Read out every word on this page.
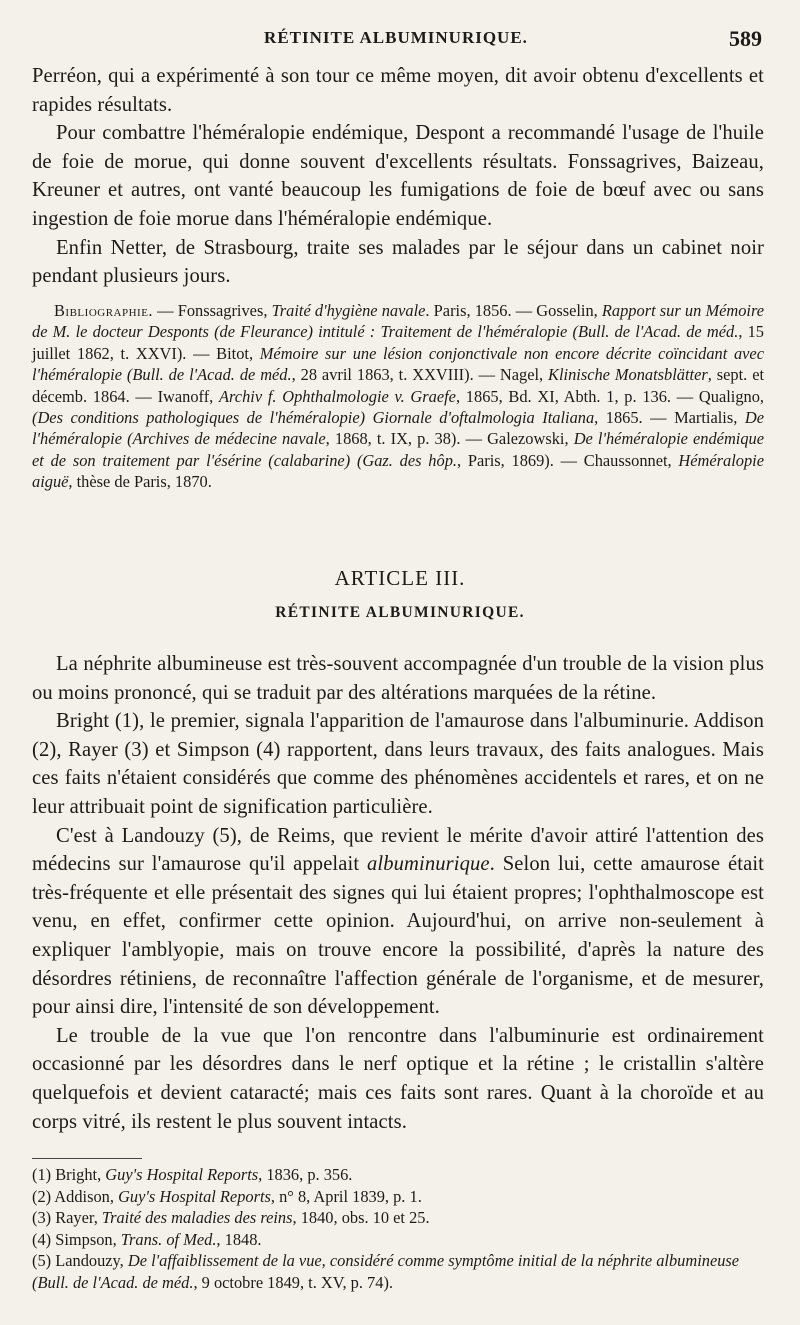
RÉTINITE ALBUMINURIQUE.	589

Perréon, qui a expérimenté à son tour ce même moyen, dit avoir obtenu d'excellents et rapides résultats.

Pour combattre l'héméralopie endémique, Despont a recommandé l'usage de l'huile de foie de morue, qui donne souvent d'excellents résultats. Fonssagrives, Baizeau, Kreuner et autres, ont vanté beaucoup les fumigations de foie de bœuf avec ou sans ingestion de foie morue dans l'héméralopie endémique.

Enfin Netter, de Strasbourg, traite ses malades par le séjour dans un cabinet noir pendant plusieurs jours.

Bibliographie. — Fonssagrives, Traité d'hygiène navale. Paris, 1856. — Gosselin, Rapport sur un Mémoire de M. le docteur Desponts (de Fleurance) intitulé : Traitement de l'héméralopie (Bull. de l'Acad. de méd., 15 juillet 1862, t. XXVI). — Bitot, Mémoire sur une lésion conjonctivale non encore décrite coïncidant avec l'héméralopie (Bull. de l'Acad. de méd., 28 avril 1863, t. XXVIII). — Nagel, Klinische Monatsblätter, sept. et décemb. 1864. — Iwanoff, Archiv f. Ophthalmologie v. Graefe, 1865, Bd. XI, Abth. 1, p. 136. — Qualigno, (Des conditions pathologiques de l'héméralopie) Giornale d'oftalmologia Italiana, 1865. — Martialis, De l'héméralopie (Archives de médecine navale, 1868, t. IX, p. 38). — Galezowski, De l'héméralopie endémique et de son traitement par l'ésérine (calabarine) (Gaz. des hôp., Paris, 1869). — Chaussonnet, Héméralopie aiguë, thèse de Paris, 1870.
ARTICLE III.
RÉTINITE ALBUMINURIQUE.

La néphrite albumineuse est très-souvent accompagnée d'un trouble de la vision plus ou moins prononcé, qui se traduit par des altérations marquées de la rétine.

Bright (1), le premier, signala l'apparition de l'amaurose dans l'albuminurie. Addison (2), Rayer (3) et Simpson (4) rapportent, dans leurs travaux, des faits analogues. Mais ces faits n'étaient considérés que comme des phénomènes accidentels et rares, et on ne leur attribuait point de signification particulière.

C'est à Landouzy (5), de Reims, que revient le mérite d'avoir attiré l'attention des médecins sur l'amaurose qu'il appelait albuminurique. Selon lui, cette amaurose était très-fréquente et elle présentait des signes qui lui étaient propres; l'ophthalmoscope est venu, en effet, confirmer cette opinion. Aujourd'hui, on arrive non-seulement à expliquer l'amblyopie, mais on trouve encore la possibilité, d'après la nature des désordres rétiniens, de reconnaître l'affection générale de l'organisme, et de mesurer, pour ainsi dire, l'intensité de son développement.

Le trouble de la vue que l'on rencontre dans l'albuminurie est ordinairement occasionné par les désordres dans le nerf optique et la rétine ; le cristallin s'altère quelquefois et devient cataracté; mais ces faits sont rares. Quant à la choroïde et au corps vitré, ils restent le plus souvent intacts.

(1) Bright, Guy's Hospital Reports, 1836, p. 356.
(2) Addison, Guy's Hospital Reports, n° 8, April 1839, p. 1.
(3) Rayer, Traité des maladies des reins, 1840, obs. 10 et 25.
(4) Simpson, Trans. of Med., 1848.
(5) Landouzy, De l'affaiblissement de la vue, considéré comme symptôme initial de la néphrite albumineuse (Bull. de l'Acad. de méd., 9 octobre 1849, t. XV, p. 74).
